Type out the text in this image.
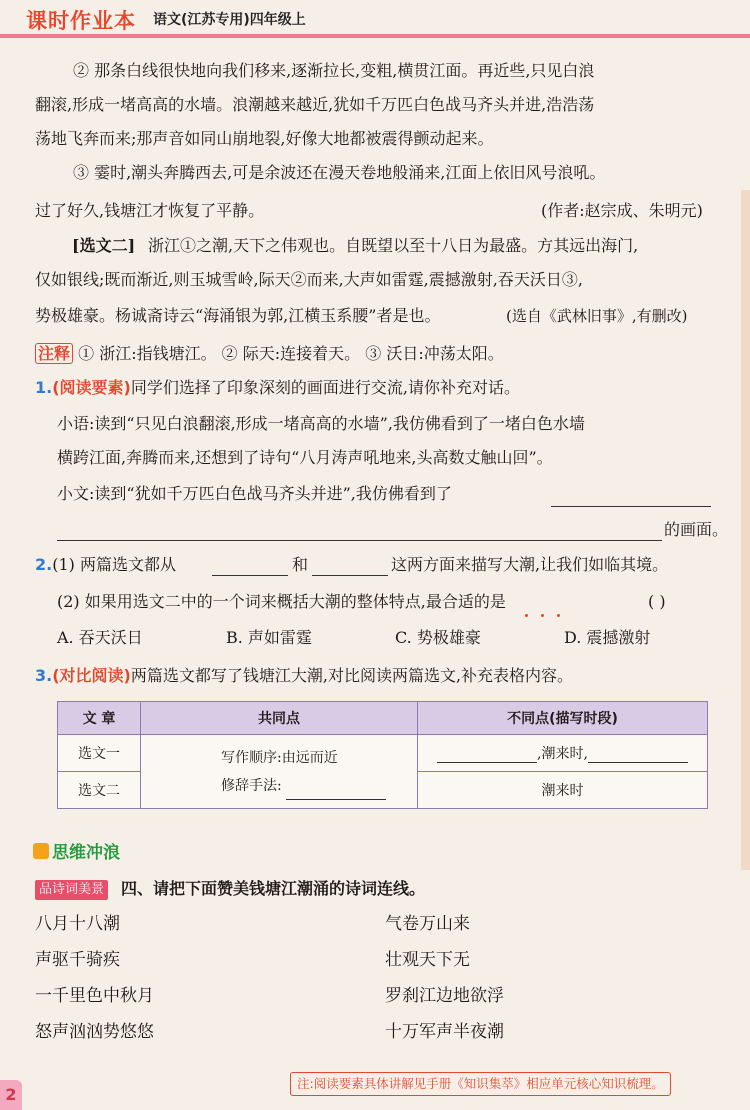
课时作业本 语文(江苏专用)四年级上
② 那条白线很快地向我们移来,逐渐拉长,变粗,横贯江面。再近些,只见白浪
翻滚,形成一堵高高的水墙。浪潮越来越近,犹如千万匹白色战马齐头并进,浩浩荡
荡地飞奔而来;那声音如同山崩地裂,好像大地都被震得颤动起来。
③ 霎时,潮头奔腾西去,可是余波还在漫天卷地般涌来,江面上依旧风号浪吼。
过了好久,钱塘江才恢复了平静。	(作者:赵宗成、朱明元)
[选文二] 浙江①之潮,天下之伟观也。自既望以至十八日为最盛。方其远出海门,
仅如银线;既而渐近,则玉城雪岭,际天②而来,大声如雷霆,震撼激射,吞天沃日③,
势极雄豪。杨诚斋诗云“海涌银为郭,江横玉系腰”者是也。	(选自《武林旧事》,有删改)
注释 ① 浙江:指钱塘江。 ② 际天:连接着天。 ③ 沃日:冲荡太阳。
1.(阅读要素)同学们选择了印象深刻的画面进行交流,请你补充对话。
小语:读到“只见白浪翻滚,形成一堵高高的水墙”,我仿佛看到了一堵白色水墙
横跨江面,奔腾而来,还想到了诗句“八月涛声吼地来,头高数丈触山回”。
小文:读到“犹如千万匹白色战马齐头并进”,我仿佛看到了
的画面。
2.(1) 两篇选文都从	和	这两方面来描写大潮,让我们如临其境。
(2) 如果用选文二中的一个词来概括大潮的整体特点,最合适的是	( )
A. 吞天沃日	B. 声如雷霆	C. 势极雄豪	D. 震撼激射
3.(对比阅读)两篇选文都写了钱塘江大潮,对比阅读两篇选文,补充表格内容。
文 章	共同点	不同点(描写时段)
选文一	写作顺序:由远而近
修辞手法:	,潮来时,
选文二		潮来时
思维冲浪
品诗词美景 四、请把下面赞美钱塘江潮涌的诗词连线。
八月十八潮
声驱千骑疾
一千里色中秋月
怒声汹汹势悠悠
气卷万山来
壮观天下无
罗刹江边地欲浮
十万军声半夜潮
注:阅读要素具体讲解见手册《知识集萃》相应单元核心知识梳理。
2
